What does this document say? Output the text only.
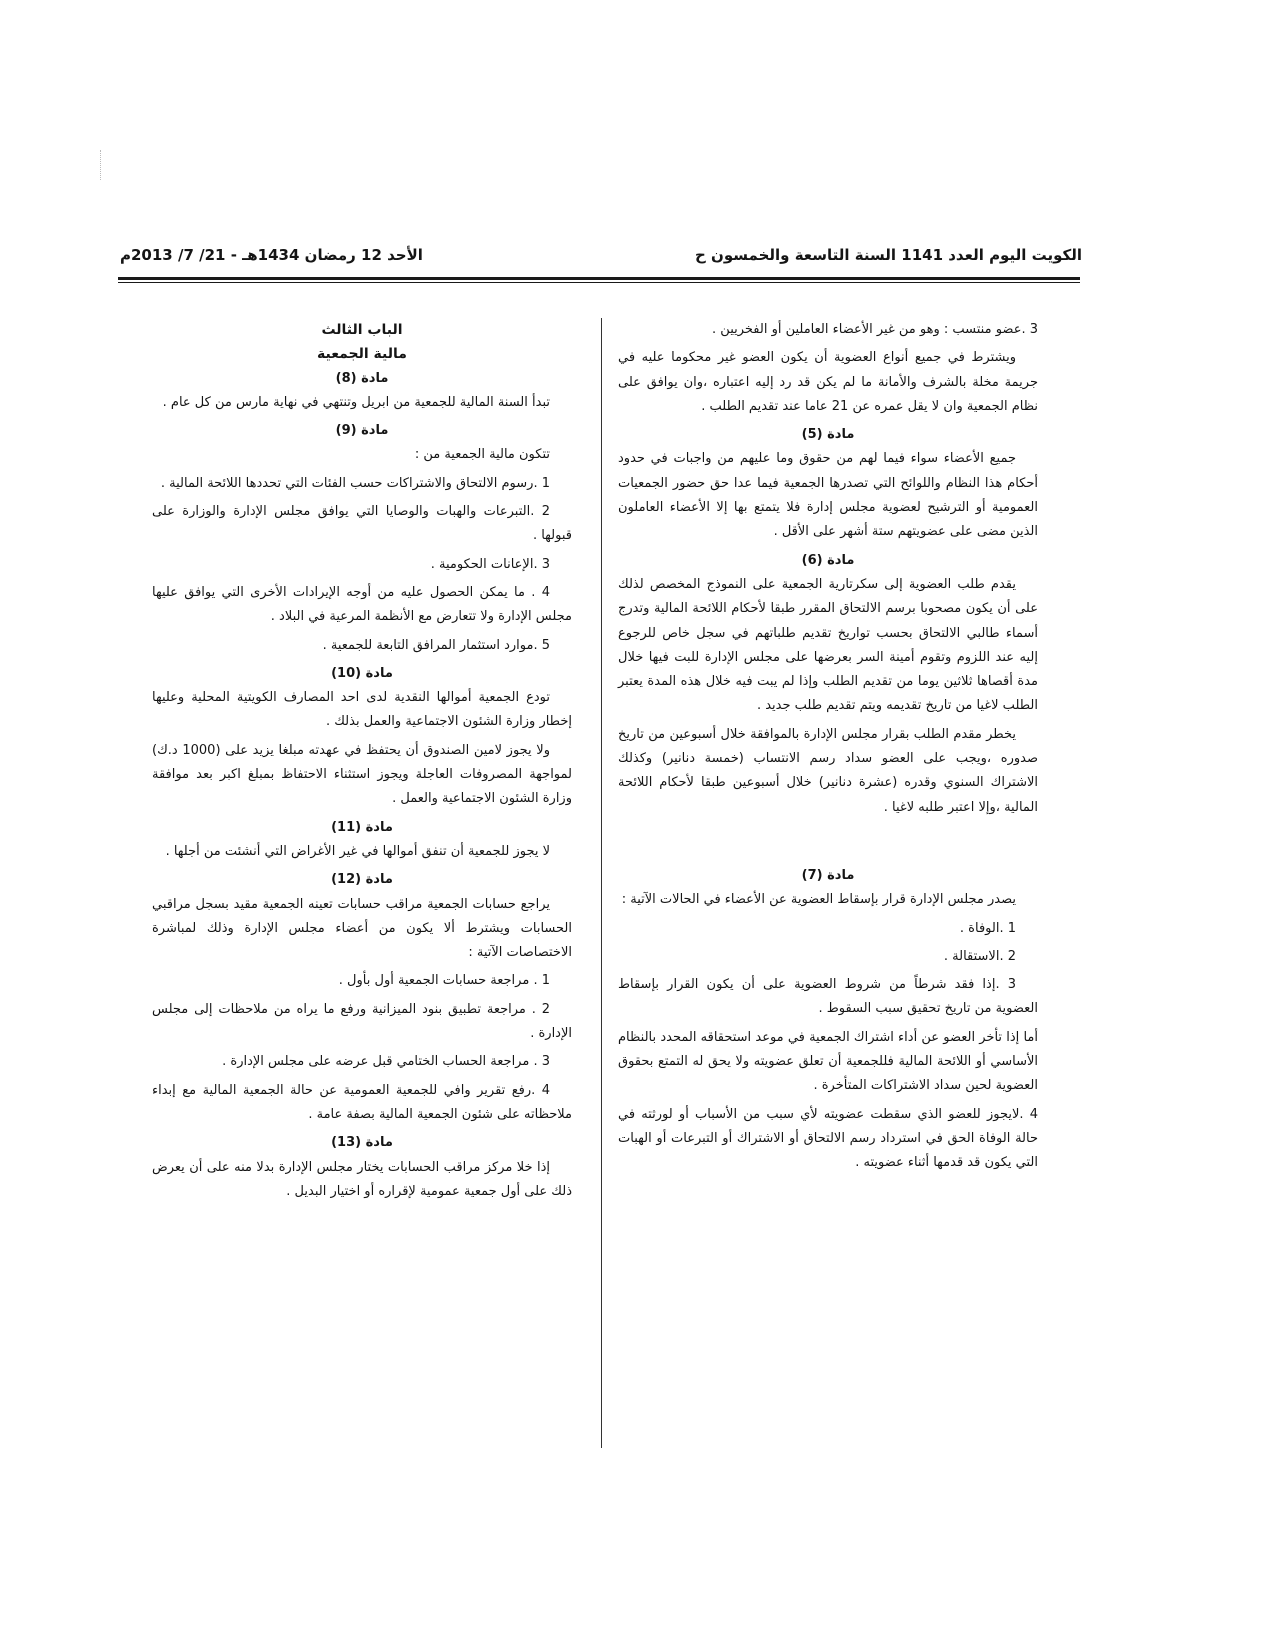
الكويت اليوم العدد 1141 السنة التاسعة والخمسون ح
الأحد 12 رمضان 1434هـ - 21/ 7/ 2013م

3 .عضو منتسب : وهو من غير الأعضاء العاملين أو الفخريين .

ويشترط في جميع أنواع العضوية أن يكون العضو غير محكوما عليه في جريمة مخلة بالشرف والأمانة ما لم يكن قد رد إليه اعتباره ،وان يوافق على نظام الجمعية وان لا يقل عمره عن 21 عاما عند تقديم الطلب .

مادة (5)

جميع الأعضاء سواء فيما لهم من حقوق وما عليهم من واجبات في حدود أحكام هذا النظام واللوائح التي تصدرها الجمعية فيما عدا حق حضور الجمعيات العمومية أو الترشيح لعضوية مجلس إدارة فلا يتمتع بها إلا الأعضاء العاملون الذين مضى على عضويتهم ستة أشهر على الأقل .

مادة (6)

يقدم طلب العضوية إلى سكرتارية الجمعية على النموذج المخصص لذلك على أن يكون مصحوبا برسم الالتحاق المقرر طبقا لأحكام اللائحة المالية وتدرج أسماء طالبي الالتحاق بحسب تواريخ تقديم طلباتهم في سجل خاص للرجوع إليه عند اللزوم وتقوم أمينة السر بعرضها على مجلس الإدارة للبت فيها خلال مدة أقصاها ثلاثين يوما من تقديم الطلب وإذا لم يبت فيه خلال هذه المدة يعتبر الطلب لاغيا من تاريخ تقديمه ويتم تقديم طلب جديد .

يخطر مقدم الطلب بقرار مجلس الإدارة بالموافقة خلال أسبوعين من تاريخ صدوره ،ويجب على العضو سداد رسم الانتساب (خمسة دنانير) وكذلك الاشتراك السنوي وقدره (عشرة دنانير) خلال أسبوعين طبقا لأحكام اللائحة المالية ،وإلا اعتبر طلبه لاغيا .

مادة (7)

يصدر مجلس الإدارة قرار بإسقاط العضوية عن الأعضاء في الحالات الآتية :

1 .الوفاة .

2 .الاستقالة .

3 .إذا فقد شرطاً من شروط العضوية على أن يكون القرار بإسقاط العضوية من تاريخ تحقيق سبب السقوط .

أما إذا تأخر العضو عن أداء اشتراك الجمعية في موعد استحقاقه المحدد بالنظام الأساسي أو اللائحة المالية فللجمعية أن تعلق عضويته ولا يحق له التمتع بحقوق العضوية لحين سداد الاشتراكات المتأخرة .

4 .لايجوز للعضو الذي سقطت عضويته لأي سبب من الأسباب أو لورثته في حالة الوفاة الحق في استرداد رسم الالتحاق أو الاشتراك أو التبرعات أو الهبات التي يكون قد قدمها أثناء عضويته .

الباب الثالث
مالية الجمعية
مادة (8)

تبدأ السنة المالية للجمعية من ابريل وتنتهي في نهاية مارس من كل عام .

مادة (9)

تتكون مالية الجمعية من :

1 .رسوم الالتحاق والاشتراكات حسب الفئات التي تحددها اللائحة المالية .

2 .التبرعات والهبات والوصايا التي يوافق مجلس الإدارة والوزارة على قبولها .

3 .الإعانات الحكومية .

4 . ما يمكن الحصول عليه من أوجه الإيرادات الأخرى التي يوافق عليها مجلس الإدارة ولا تتعارض مع الأنظمة المرعية في البلاد .

5 .موارد استثمار المرافق التابعة للجمعية .

مادة (10)

تودع الجمعية أموالها النقدية لدى احد المصارف الكويتية المحلية وعليها إخطار وزارة الشئون الاجتماعية والعمل بذلك .

ولا يجوز لامين الصندوق أن يحتفظ في عهدته مبلغا يزيد على (1000 د.ك) لمواجهة المصروفات العاجلة ويجوز استثناء الاحتفاظ بمبلغ اكبر بعد موافقة وزارة الشئون الاجتماعية والعمل .

مادة (11)

لا يجوز للجمعية أن تنفق أموالها في غير الأغراض التي أنشئت من أجلها .

مادة (12)

يراجع حسابات الجمعية مراقب حسابات تعينه الجمعية مقيد بسجل مراقبي الحسابات ويشترط ألا يكون من أعضاء مجلس الإدارة وذلك لمباشرة الاختصاصات الآتية :

1 . مراجعة حسابات الجمعية أول بأول .

2 . مراجعة تطبيق بنود الميزانية ورفع ما يراه من ملاحظات إلى مجلس الإدارة .

3 . مراجعة الحساب الختامي قبل عرضه على مجلس الإدارة .

4 .رفع تقرير وافي للجمعية العمومية عن حالة الجمعية المالية مع إبداء ملاحظاته على شئون الجمعية المالية بصفة عامة .

مادة (13)

إذا خلا مركز مراقب الحسابات يختار مجلس الإدارة بدلا منه على أن يعرض ذلك على أول جمعية عمومية لإقراره أو اختيار البديل .
